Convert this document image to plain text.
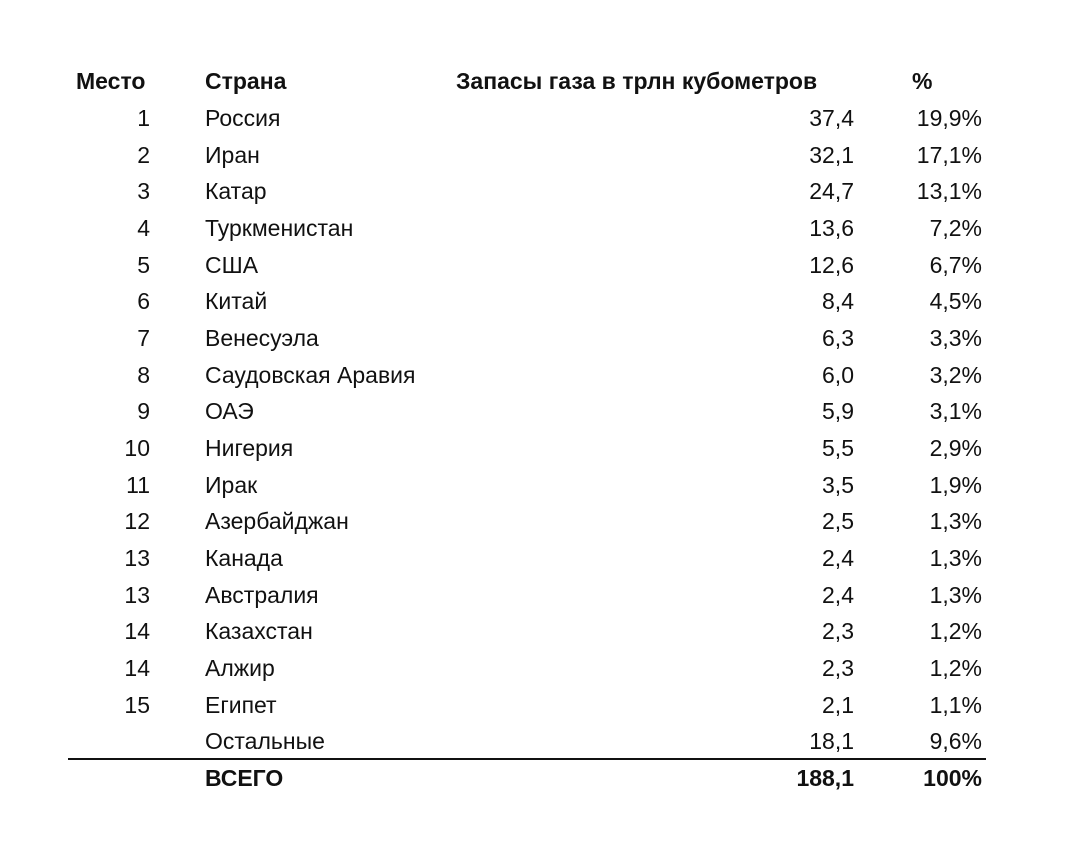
Место	Страна	Запасы газа в трлн кубометров	%
1 Россия	37,4	19,9%
2 Иран	32,1	17,1%
3 Катар	24,7	13,1%
4 Туркменистан	13,6	7,2%
5 США	12,6	6,7%
6 Китай	8,4	4,5%
7 Венесуэла	6,3	3,3%
8 Саудовская Аравия	6,0	3,2%
9 ОАЭ	5,9	3,1%
10 Нигерия	5,5	2,9%
11 Ирак	3,5	1,9%
12 Азербайджан	2,5	1,3%
13 Канада	2,4	1,3%
13 Австралия	2,4	1,3%
14 Казахстан	2,3	1,2%
14 Алжир	2,3	1,2%
15 Египет	2,1	1,1%
Остальные	18,1	9,6%
ВСЕГО	188,1	100%
